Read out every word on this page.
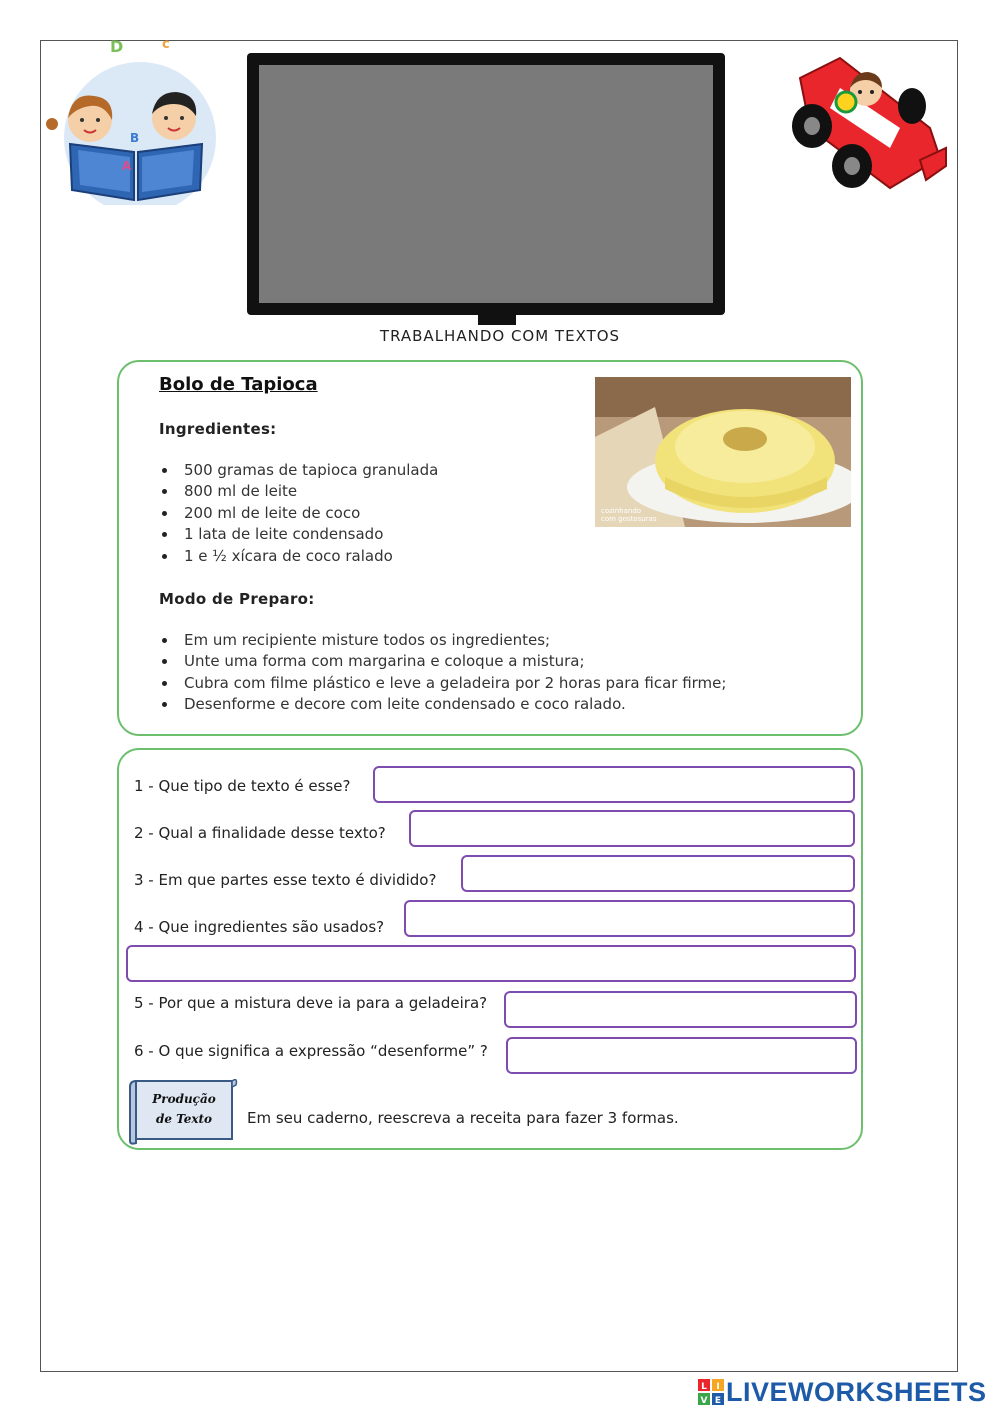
D	c
B
A
TRABALHANDO COM TEXTOS
Bolo de Tapioca
Ingredientes:
500 gramas de tapioca granulada
800 ml de leite
200 ml de leite de coco
1 lata de leite condensado
1 e ½ xícara de coco ralado
Modo de Preparo:
Em um recipiente misture todos os ingredientes;
Unte uma forma com margarina e coloque a mistura;
Cubra com filme plástico e leve a geladeira por 2 horas para ficar firme;
Desenforme e decore com leite condensado e coco ralado.
cozinhando
com gostosuras
1 - Que tipo de texto é esse?
2 - Qual a finalidade desse texto?
3 - Em que partes esse texto é dividido?
4 - Que ingredientes são usados?
5 - Por que a mistura deve ia para a geladeira?
6 - O que significa a expressão “desenforme” ?
Produção
de Texto Em seu caderno, reescreva a receita para fazer 3 formas.
L I
V E LIVEWORKSHEETS
